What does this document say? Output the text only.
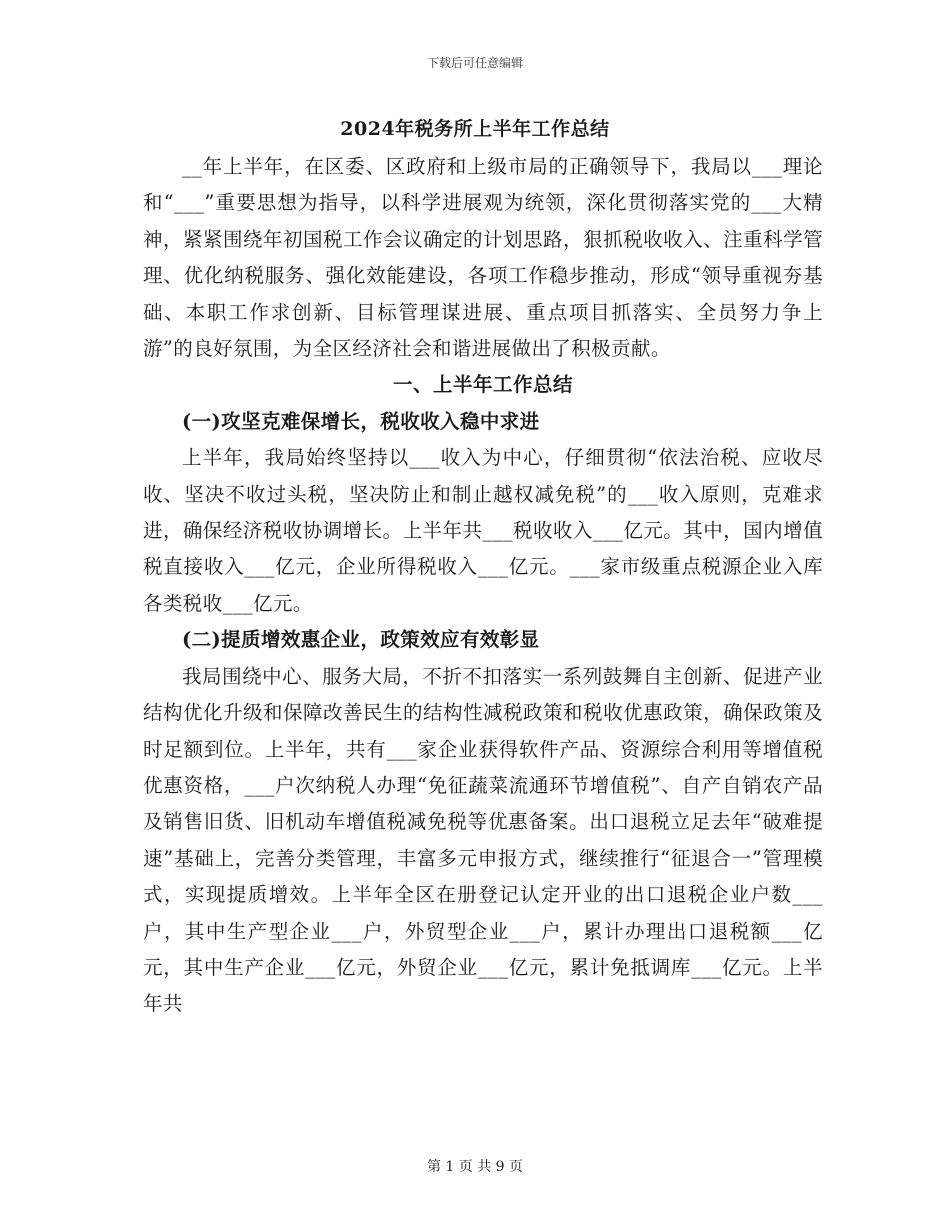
下载后可任意编辑
2024年税务所上半年工作总结

__年上半年，在区委、区政府和上级市局的正确领导下，我局以___理论和“___”重要思想为指导，以科学进展观为统领，深化贯彻落实党的___大精神，紧紧围绕年初国税工作会议确定的计划思路，狠抓税收收入、注重科学管理、优化纳税服务、强化效能建设，各项工作稳步推动，形成“领导重视夯基础、本职工作求创新、目标管理谋进展、重点项目抓落实、全员努力争上游”的良好氛围，为全区经济社会和谐进展做出了积极贡献。

一、上半年工作总结

(一)攻坚克难保增长，税收收入稳中求进

上半年，我局始终坚持以___收入为中心，仔细贯彻“依法治税、应收尽收、坚决不收过头税，坚决防止和制止越权减免税”的___收入原则，克难求进，确保经济税收协调增长。上半年共___税收收入___亿元。其中，国内增值税直接收入___亿元，企业所得税收入___亿元。___家市级重点税源企业入库各类税收___亿元。

(二)提质增效惠企业，政策效应有效彰显

我局围绕中心、服务大局，不折不扣落实一系列鼓舞自主创新、促进产业结构优化升级和保障改善民生的结构性减税政策和税收优惠政策，确保政策及时足额到位。上半年，共有___家企业获得软件产品、资源综合利用等增值税优惠资格，___户次纳税人办理“免征蔬菜流通环节增值税”、自产自销农产品及销售旧货、旧机动车增值税减免税等优惠备案。出口退税立足去年“破难提速”基础上，完善分类管理，丰富多元申报方式，继续推行“征退合一”管理模式，实现提质增效。上半年全区在册登记认定开业的出口退税企业户数___户，其中生产型企业___户，外贸型企业___户，累计办理出口退税额___亿元，其中生产企业___亿元，外贸企业___亿元，累计免抵调库___亿元。上半年共

第 1 页 共 9 页
